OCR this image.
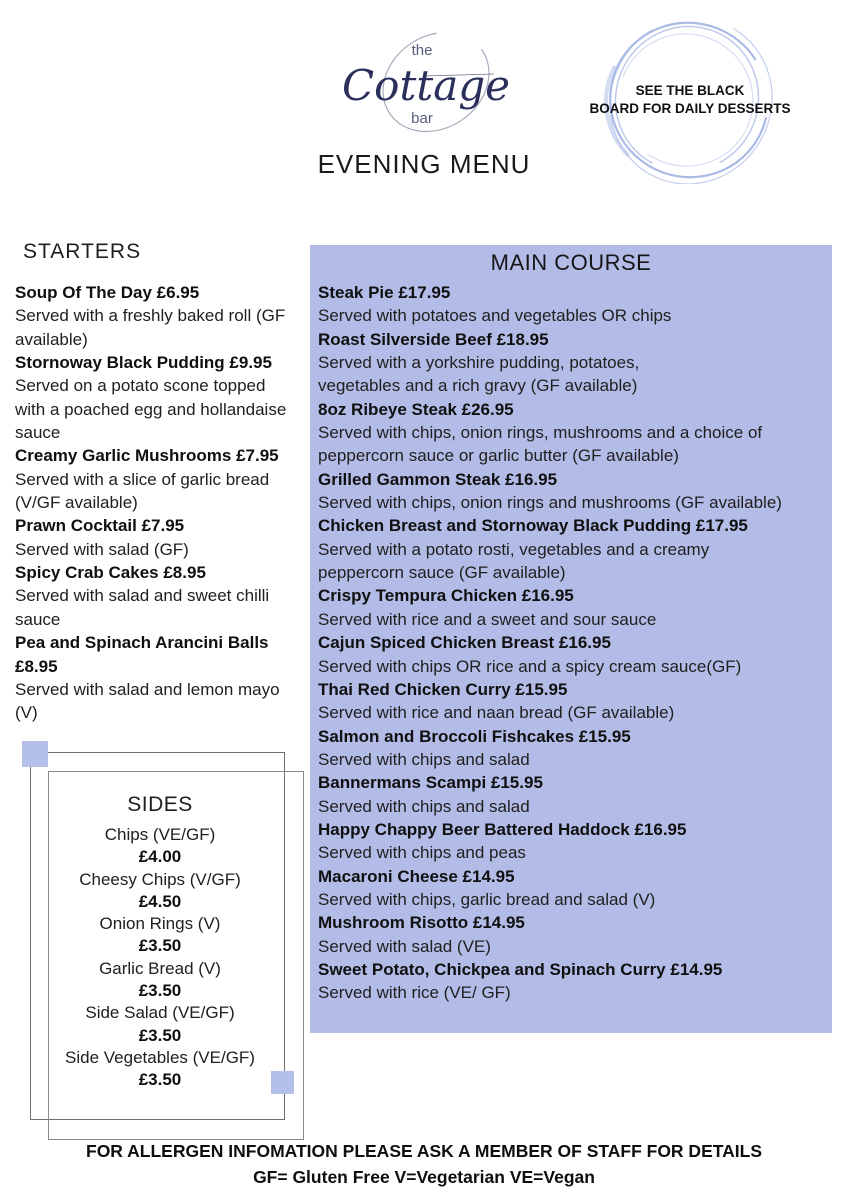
the
Cottage
bar
EVENING MENU
SEE THE BLACK
BOARD FOR DAILY DESSERTS
STARTERS
Soup Of The Day £6.95
Served with a freshly baked roll (GF
available)
Stornoway Black Pudding £9.95
Served on a potato scone topped
with a poached egg and hollandaise
sauce
Creamy Garlic Mushrooms £7.95
Served with a slice of garlic bread
(V/GF available)
Prawn Cocktail £7.95
Served with salad (GF)
Spicy Crab Cakes £8.95
Served with salad and sweet chilli
sauce
Pea and Spinach Arancini Balls
£8.95
Served with salad and lemon mayo
(V)
MAIN COURSE
Steak Pie £17.95
Served with potatoes and vegetables OR chips
Roast Silverside Beef £18.95
Served with a yorkshire pudding, potatoes,
vegetables and a rich gravy (GF available)
8oz Ribeye Steak £26.95
Served with chips, onion rings, mushrooms and a choice of
peppercorn sauce or garlic butter (GF available)
Grilled Gammon Steak £16.95
Served with chips, onion rings and mushrooms (GF available)
Chicken Breast and Stornoway Black Pudding £17.95
Served with a potato rosti, vegetables and a creamy
peppercorn sauce (GF available)
Crispy Tempura Chicken £16.95
Served with rice and a sweet and sour sauce
Cajun Spiced Chicken Breast £16.95
Served with chips OR rice and a spicy cream sauce(GF)
Thai Red Chicken Curry £15.95
Served with rice and naan bread (GF available)
Salmon and Broccoli Fishcakes £15.95
Served with chips and salad
Bannermans Scampi £15.95
Served with chips and salad
Happy Chappy Beer Battered Haddock £16.95
Served with chips and peas
Macaroni Cheese £14.95
Served with chips, garlic bread and salad (V)
Mushroom Risotto £14.95
Served with salad (VE)
Sweet Potato, Chickpea and Spinach Curry £14.95
Served with rice (VE/ GF)
SIDES
Chips (VE/GF)
£4.00
Cheesy Chips (V/GF)
£4.50
Onion Rings (V)
£3.50
Garlic Bread (V)
£3.50
Side Salad (VE/GF)
£3.50
Side Vegetables (VE/GF)
£3.50
FOR ALLERGEN INFOMATION PLEASE ASK A MEMBER OF STAFF FOR DETAILS
GF= Gluten Free V=Vegetarian VE=Vegan
